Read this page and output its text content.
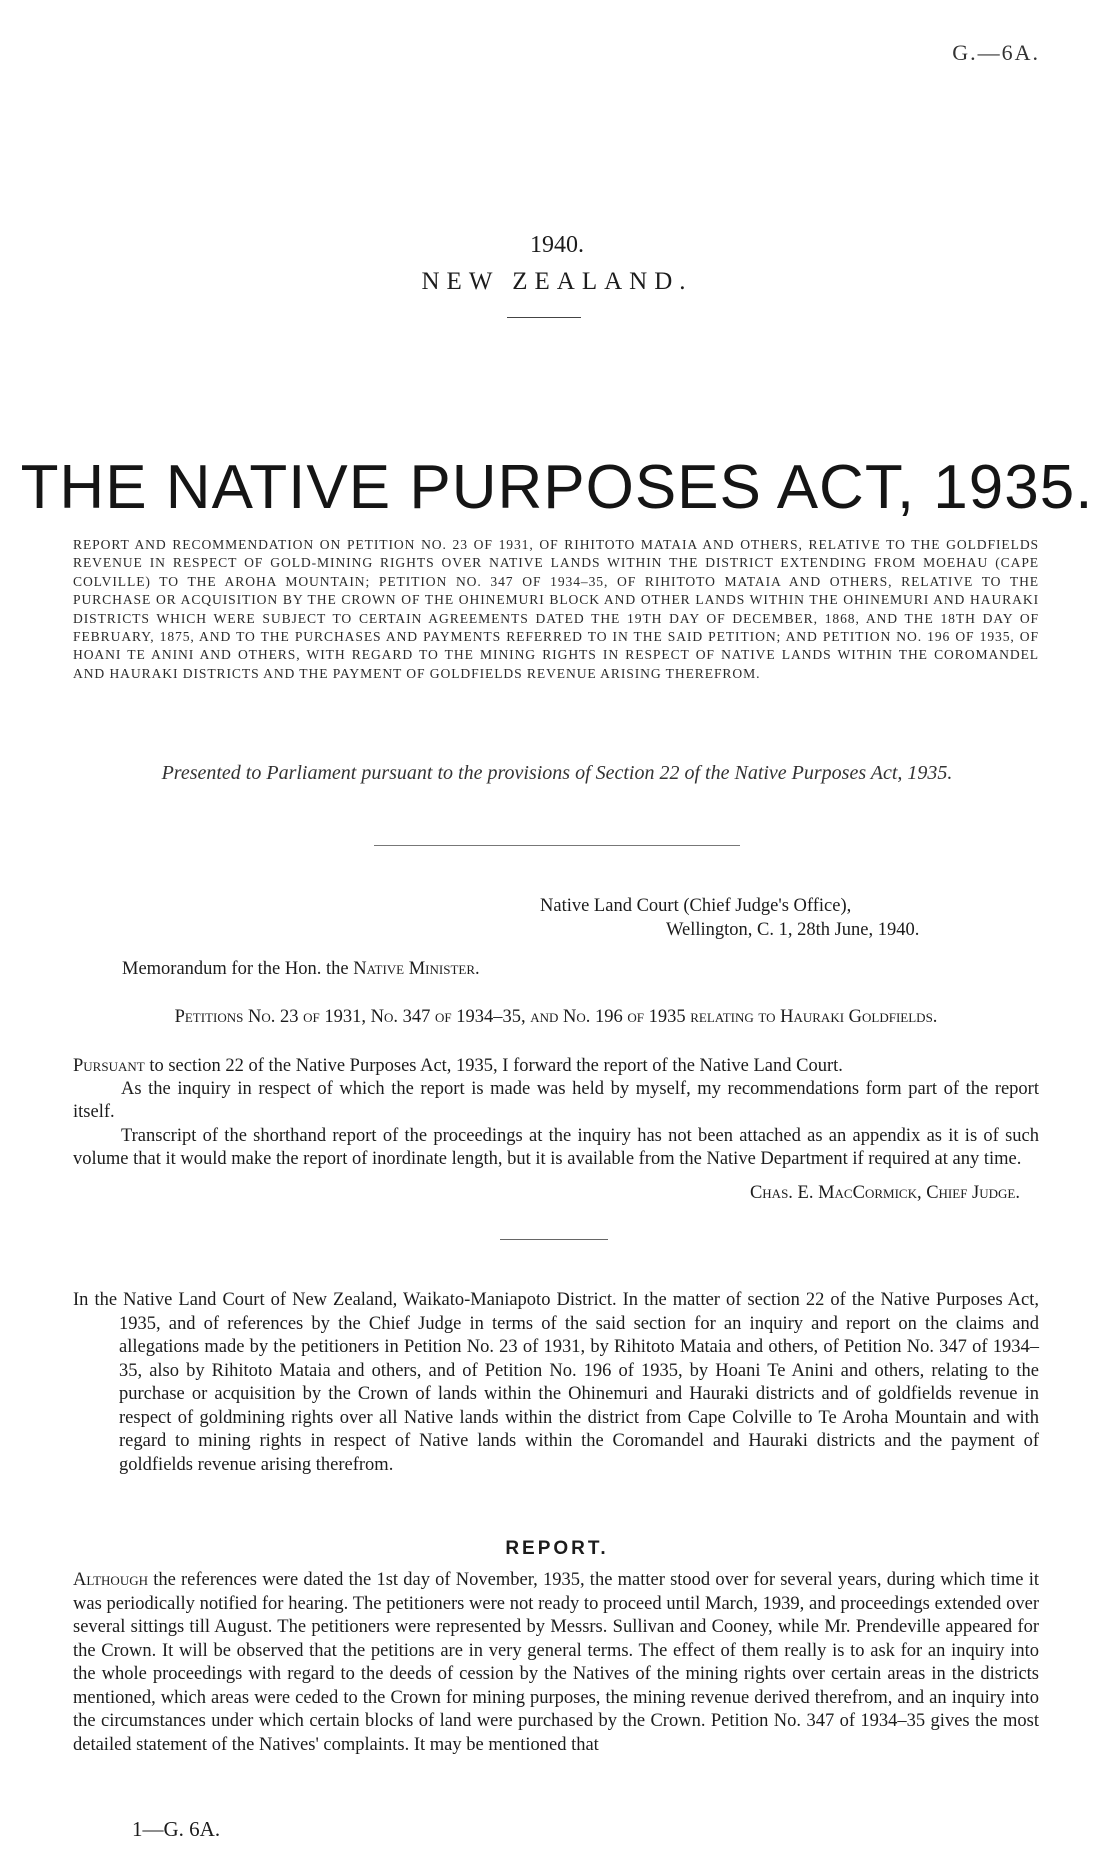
G.—6A.
1940.
NEW ZEALAND.
THE NATIVE PURPOSES ACT, 1935.
REPORT AND RECOMMENDATION ON PETITION NO. 23 OF 1931, OF RIHITOTO MATAIA AND OTHERS, RELATIVE TO THE GOLDFIELDS REVENUE IN RESPECT OF GOLD-MINING RIGHTS OVER NATIVE LANDS WITHIN THE DISTRICT EXTENDING FROM MOEHAU (CAPE COLVILLE) TO THE AROHA MOUNTAIN; PETITION NO. 347 OF 1934–35, OF RIHITOTO MATAIA AND OTHERS, RELATIVE TO THE PURCHASE OR ACQUISITION BY THE CROWN OF THE OHINEMURI BLOCK AND OTHER LANDS WITHIN THE OHINEMURI AND HAURAKI DISTRICTS WHICH WERE SUBJECT TO CERTAIN AGREEMENTS DATED THE 19TH DAY OF DECEMBER, 1868, AND THE 18TH DAY OF FEBRUARY, 1875, AND TO THE PURCHASES AND PAYMENTS REFERRED TO IN THE SAID PETITION; AND PETITION NO. 196 OF 1935, OF HOANI TE ANINI AND OTHERS, WITH REGARD TO THE MINING RIGHTS IN RESPECT OF NATIVE LANDS WITHIN THE COROMANDEL AND HAURAKI DISTRICTS AND THE PAYMENT OF GOLDFIELDS REVENUE ARISING THEREFROM.
Presented to Parliament pursuant to the provisions of Section 22 of the Native Purposes Act, 1935.
Native Land Court (Chief Judge's Office),
Wellington, C. 1, 28th June, 1940.
Memorandum for the Hon. the Native Minister.
Petitions No. 23 of 1931, No. 347 of 1934–35, and No. 196 of 1935 relating to Hauraki Goldfields.

Pursuant to section 22 of the Native Purposes Act, 1935, I forward the report of the Native Land Court.

As the inquiry in respect of which the report is made was held by myself, my recommendations form part of the report itself.

Transcript of the shorthand report of the proceedings at the inquiry has not been attached as an appendix as it is of such volume that it would make the report of inordinate length, but it is available from the Native Department if required at any time.

Chas. E. MacCormick, Chief Judge.
In the Native Land Court of New Zealand, Waikato-Maniapoto District. In the matter of section 22 of the Native Purposes Act, 1935, and of references by the Chief Judge in terms of the said section for an inquiry and report on the claims and allegations made by the petitioners in Petition No. 23 of 1931, by Rihitoto Mataia and others, of Petition No. 347 of 1934–35, also by Rihitoto Mataia and others, and of Petition No. 196 of 1935, by Hoani Te Anini and others, relating to the purchase or acquisition by the Crown of lands within the Ohinemuri and Hauraki districts and of goldfields revenue in respect of goldmining rights over all Native lands within the district from Cape Colville to Te Aroha Mountain and with regard to mining rights in respect of Native lands within the Coromandel and Hauraki districts and the payment of goldfields revenue arising therefrom.
REPORT.
Although the references were dated the 1st day of November, 1935, the matter stood over for several years, during which time it was periodically notified for hearing. The petitioners were not ready to proceed until March, 1939, and proceedings extended over several sittings till August. The petitioners were represented by Messrs. Sullivan and Cooney, while Mr. Prendeville appeared for the Crown. It will be observed that the petitions are in very general terms. The effect of them really is to ask for an inquiry into the whole proceedings with regard to the deeds of cession by the Natives of the mining rights over certain areas in the districts mentioned, which areas were ceded to the Crown for mining purposes, the mining revenue derived therefrom, and an inquiry into the circumstances under which certain blocks of land were purchased by the Crown. Petition No. 347 of 1934–35 gives the most detailed statement of the Natives' complaints. It may be mentioned that
1—G. 6A.
